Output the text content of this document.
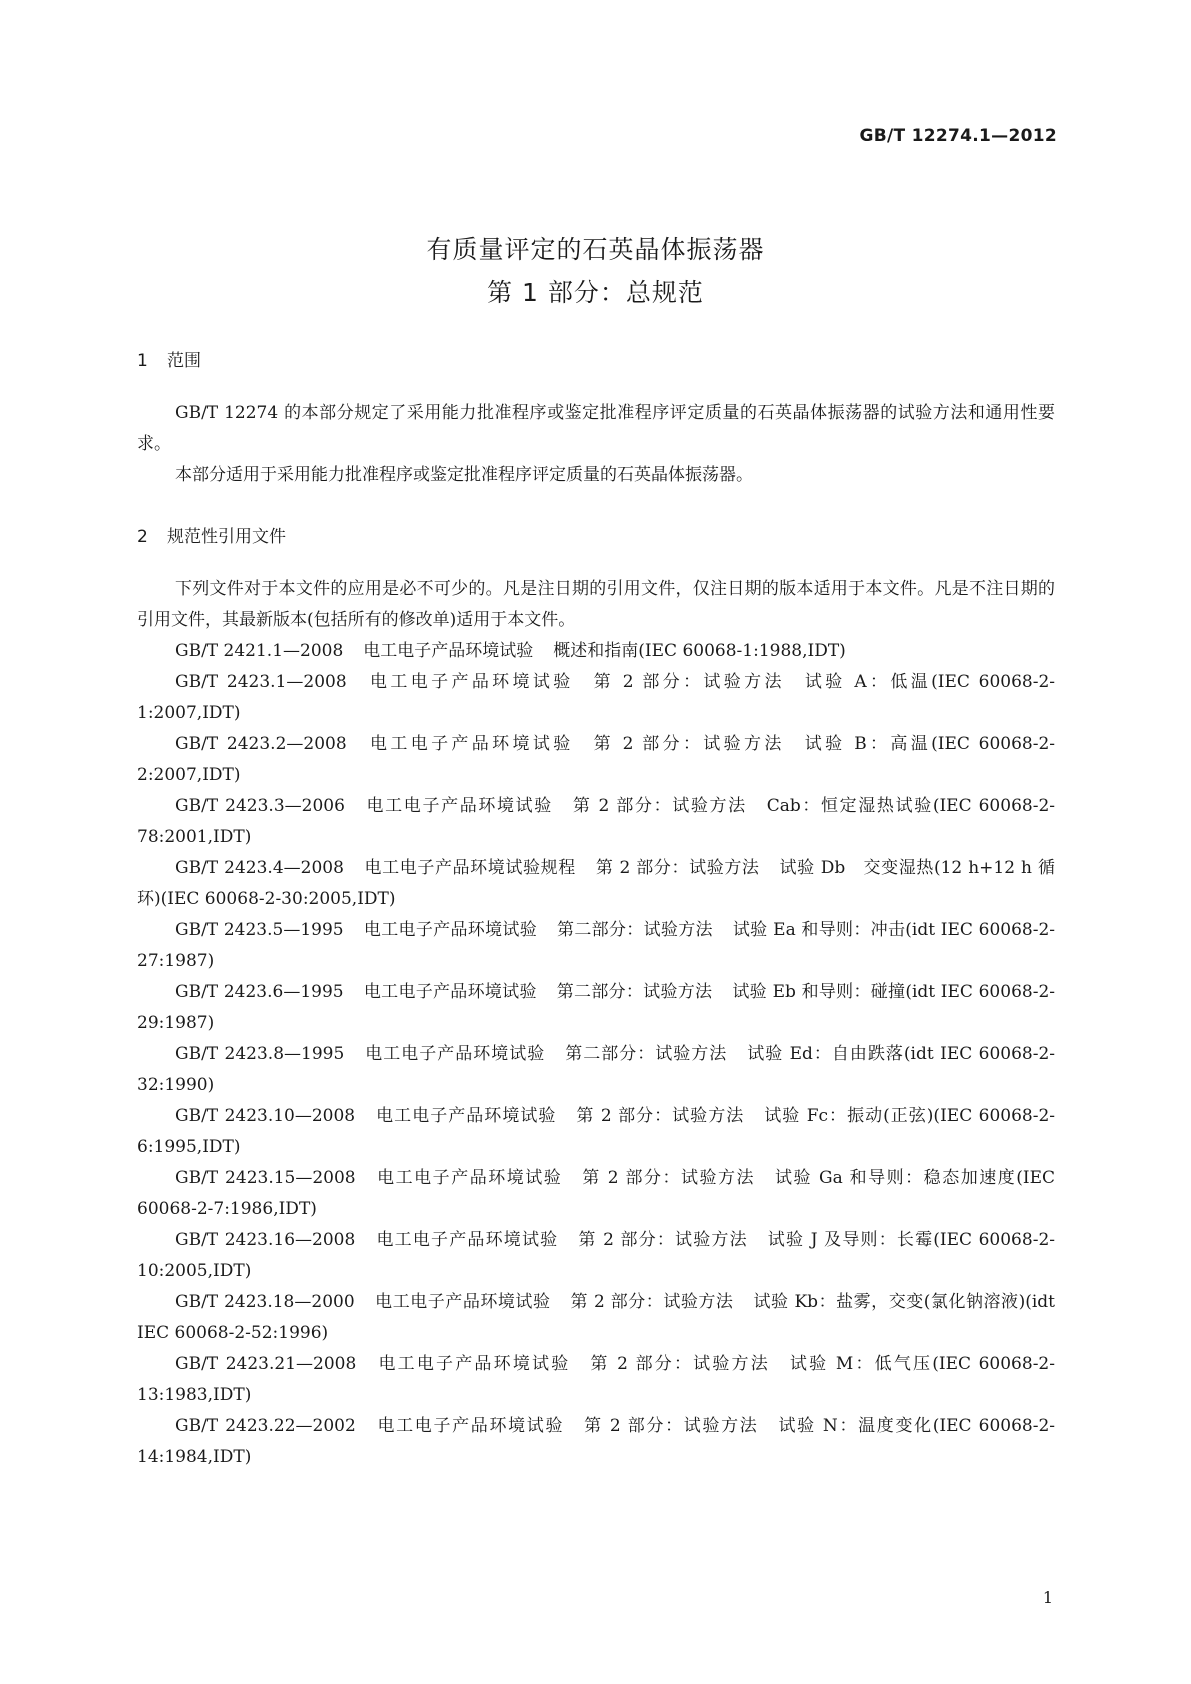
GB/T 12274.1—2012
有质量评定的石英晶体振荡器
第 1 部分：总规范
1 范围

GB/T 12274 的本部分规定了采用能力批准程序或鉴定批准程序评定质量的石英晶体振荡器的试验方法和通用性要求。

本部分适用于采用能力批准程序或鉴定批准程序评定质量的石英晶体振荡器。

2 规范性引用文件

下列文件对于本文件的应用是必不可少的。凡是注日期的引用文件，仅注日期的版本适用于本文件。凡是不注日期的引用文件，其最新版本(包括所有的修改单)适用于本文件。

GB/T 2421.1—2008 电工电子产品环境试验 概述和指南(IEC 60068-1:1988,IDT)

GB/T 2423.1—2008 电工电子产品环境试验 第 2 部分：试验方法 试验 A：低温(IEC 60068-2-1:2007,IDT)

GB/T 2423.2—2008 电工电子产品环境试验 第 2 部分：试验方法 试验 B：高温(IEC 60068-2-2:2007,IDT)

GB/T 2423.3—2006 电工电子产品环境试验 第 2 部分：试验方法 Cab：恒定湿热试验(IEC 60068-2-78:2001,IDT)

GB/T 2423.4—2008 电工电子产品环境试验规程 第 2 部分：试验方法 试验 Db　交变湿热(12 h+12 h 循环)(IEC 60068-2-30:2005,IDT)

GB/T 2423.5—1995 电工电子产品环境试验 第二部分：试验方法 试验 Ea 和导则：冲击(idt IEC 60068-2-27:1987)

GB/T 2423.6—1995 电工电子产品环境试验 第二部分：试验方法 试验 Eb 和导则：碰撞(idt IEC 60068-2-29:1987)

GB/T 2423.8—1995 电工电子产品环境试验 第二部分：试验方法 试验 Ed：自由跌落(idt IEC 60068-2-32:1990)

GB/T 2423.10—2008 电工电子产品环境试验 第 2 部分：试验方法 试验 Fc：振动(正弦)(IEC 60068-2-6:1995,IDT)

GB/T 2423.15—2008 电工电子产品环境试验 第 2 部分：试验方法 试验 Ga 和导则：稳态加速度(IEC 60068-2-7:1986,IDT)

GB/T 2423.16—2008 电工电子产品环境试验 第 2 部分：试验方法 试验 J 及导则：长霉(IEC 60068-2-10:2005,IDT)

GB/T 2423.18—2000 电工电子产品环境试验 第 2 部分：试验方法 试验 Kb：盐雾，交变(氯化钠溶液)(idt IEC 60068-2-52:1996)

GB/T 2423.21—2008 电工电子产品环境试验 第 2 部分：试验方法 试验 M：低气压(IEC 60068-2-13:1983,IDT)

GB/T 2423.22—2002 电工电子产品环境试验 第 2 部分：试验方法 试验 N：温度变化(IEC 60068-2-14:1984,IDT)

1
